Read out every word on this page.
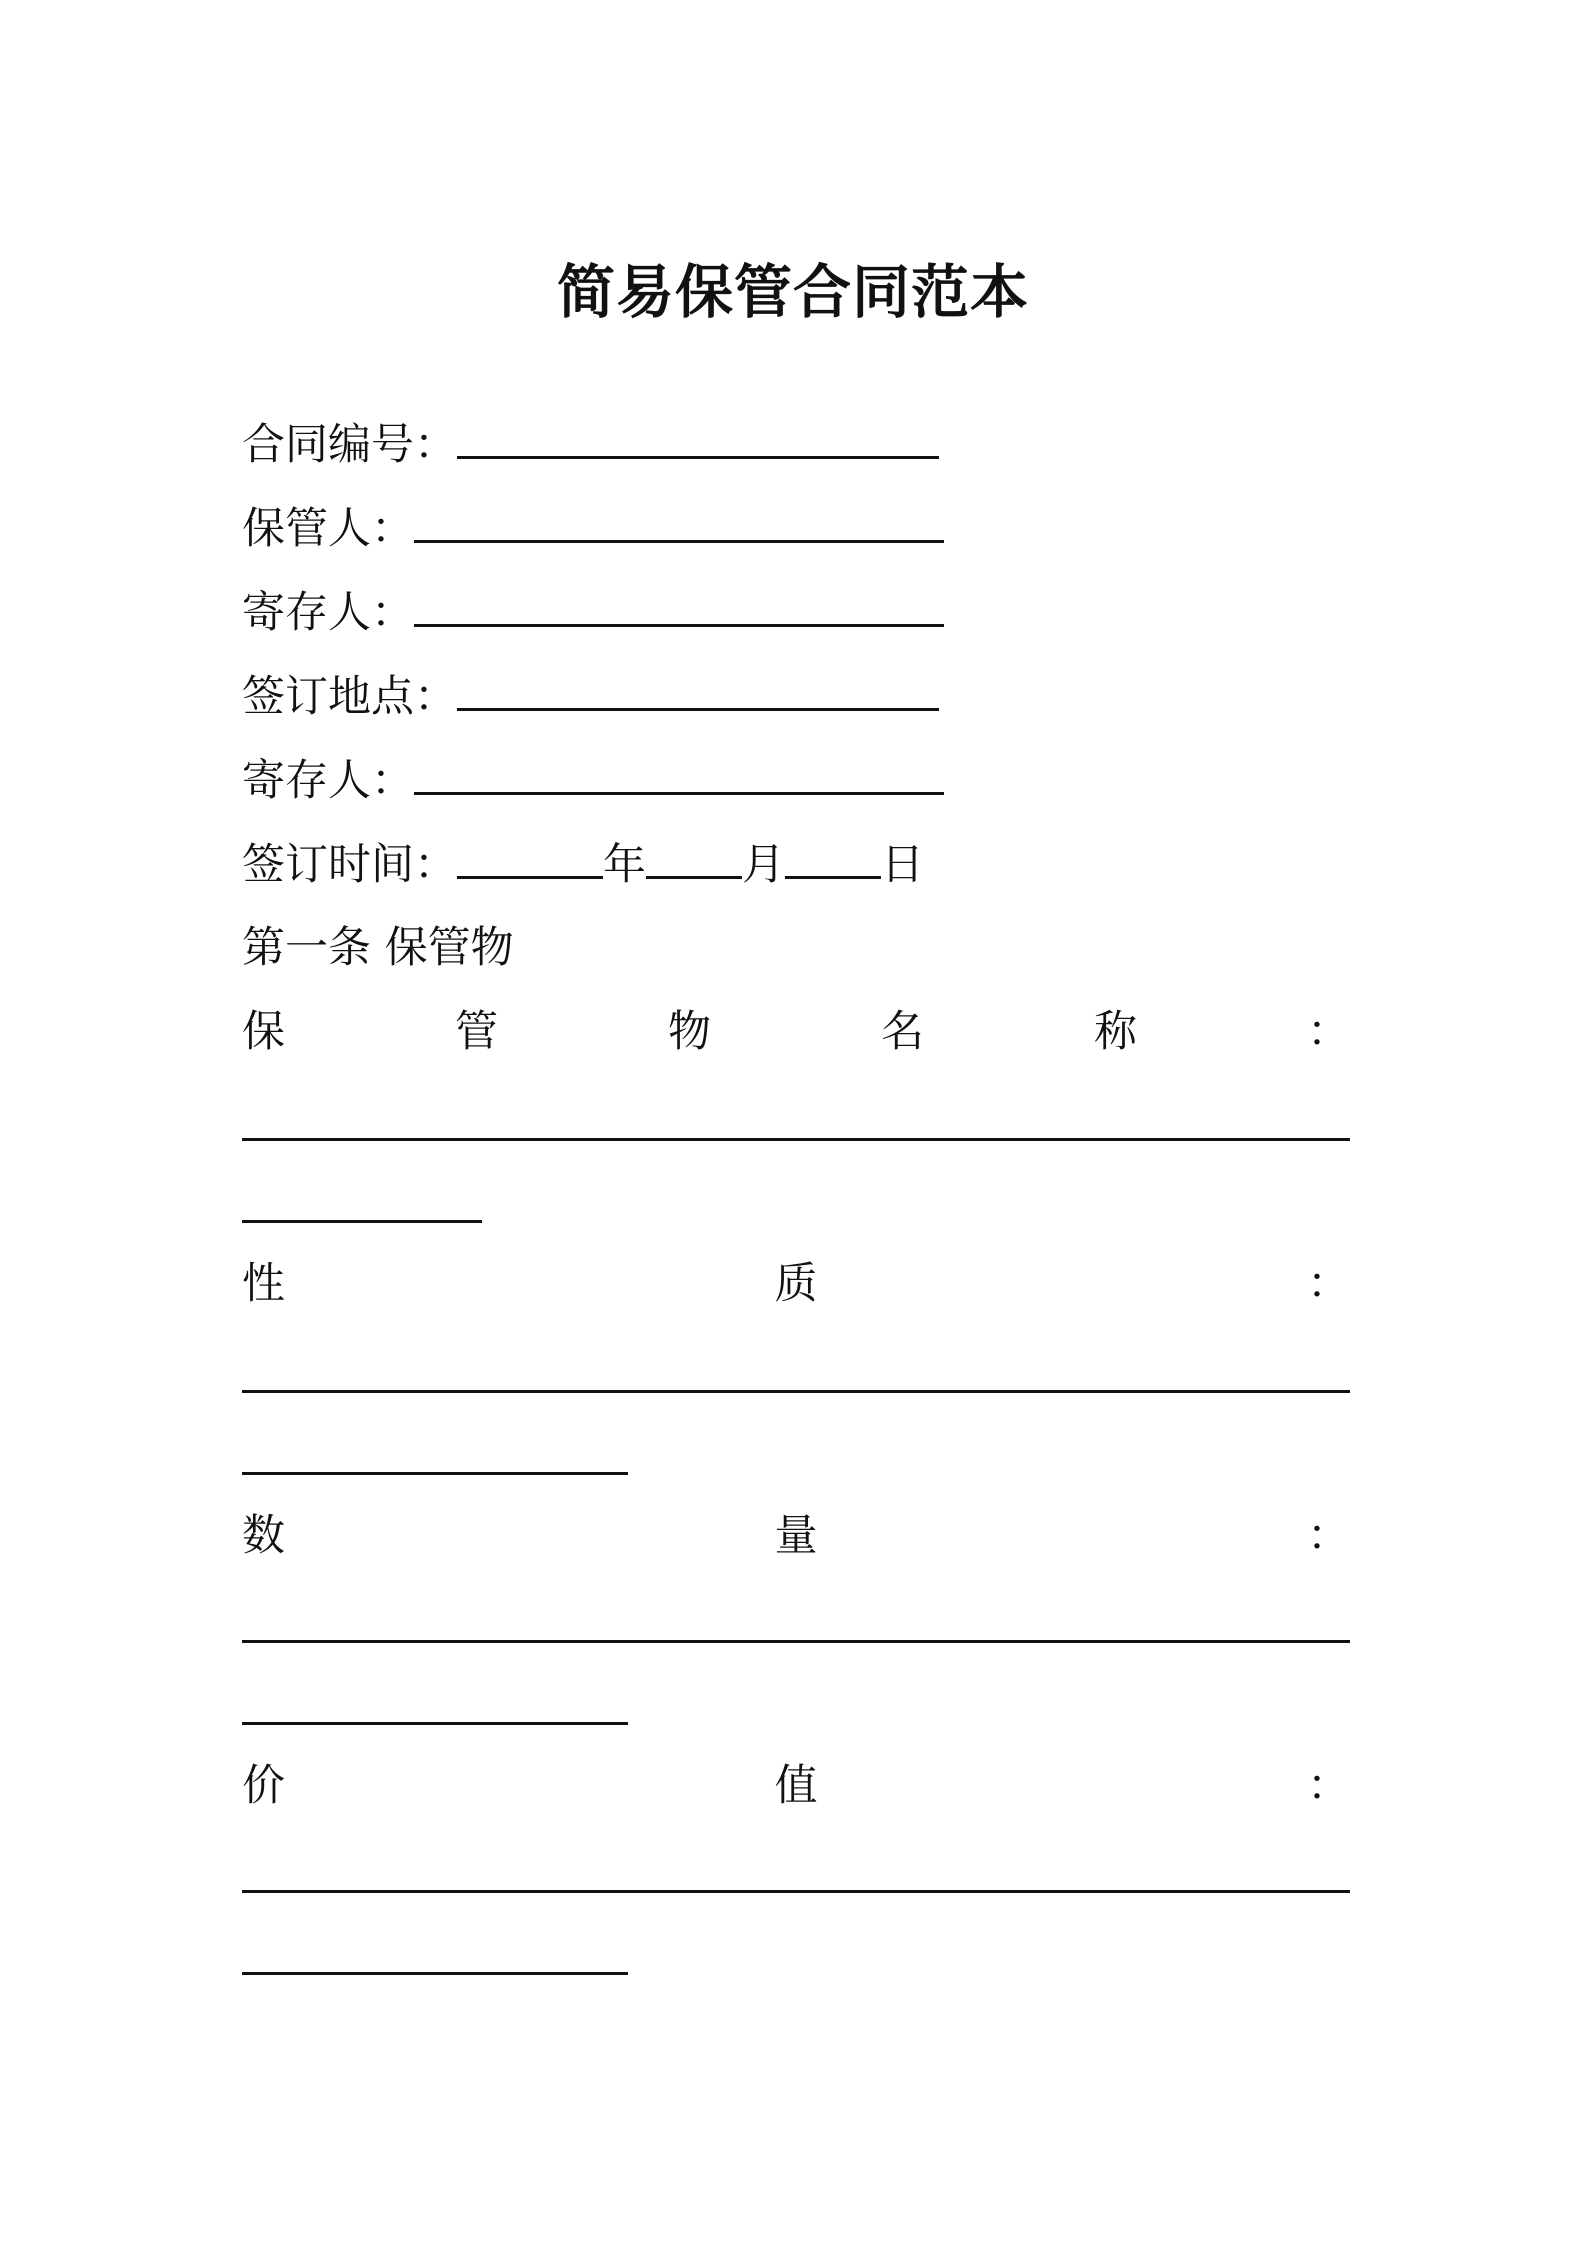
简易保管合同范本
合同编号：
保管人：
寄存人：
签订地点：
寄存人：
签订时间：	年 月 日
第一条 保管物
保	管	物	名	称	：
性	质	：
数	量	：
价	值	：
